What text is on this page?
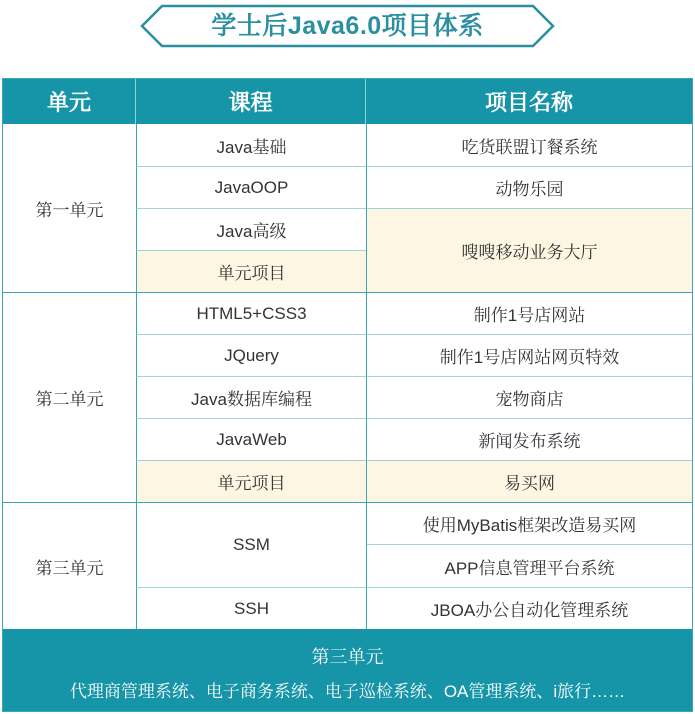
学士后Java6.0项目体系
单元	课程	项目名称
第一单元
Java基础
JavaOOP
Java高级
单元项目
吃货联盟订餐系统
动物乐园
嗖嗖移动业务大厅
第二单元
HTML5+CSS3
JQuery
Java数据库编程
JavaWeb
单元项目
制作1号店网站
制作1号店网站网页特效
宠物商店
新闻发布系统
易买网
第三单元
SSM
SSH
使用MyBatis框架改造易买网
APP信息管理平台系统
JBOA办公自动化管理系统
第三单元
代理商管理系统、电子商务系统、电子巡检系统、OA管理系统、i旅行……
